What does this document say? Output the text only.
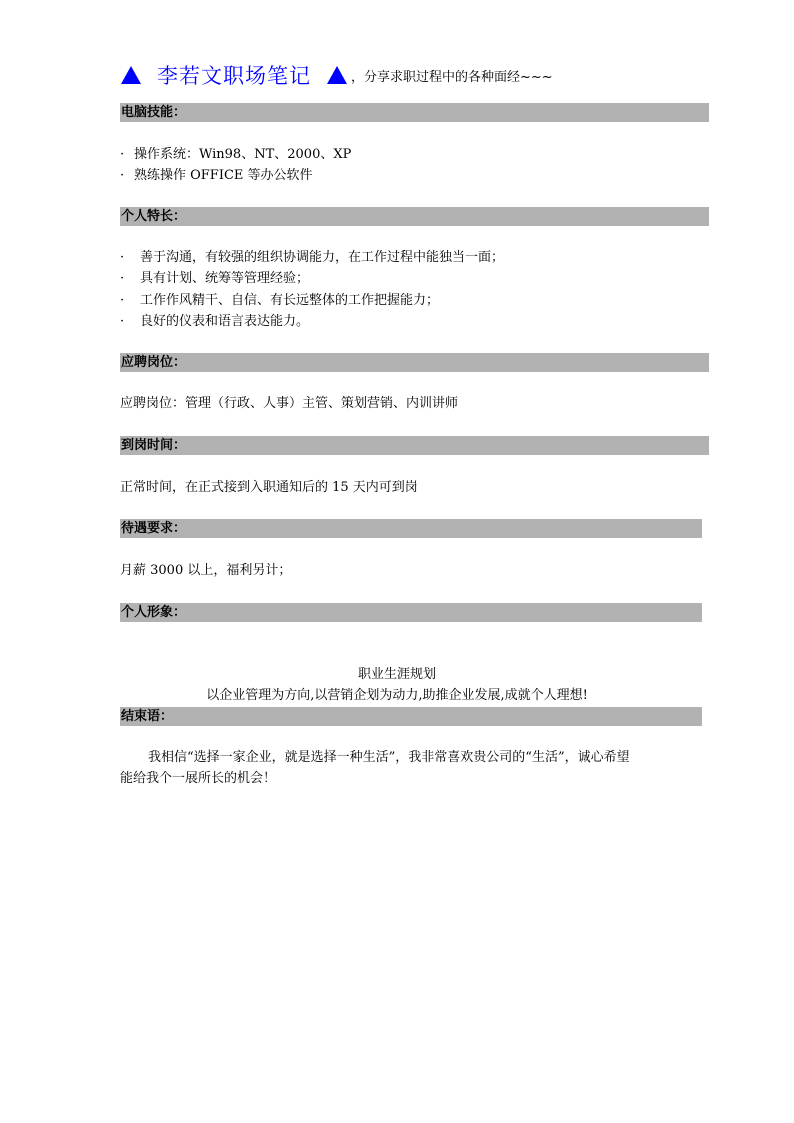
李若文职场笔记	，分享求职过程中的各种面经~~~
电脑技能：
· 操作系统：Win98、NT、2000、XP
· 熟练操作 OFFICE 等办公软件
个人特长：
· 善于沟通，有较强的组织协调能力，在工作过程中能独当一面；
· 具有计划、统筹等管理经验；
· 工作作风精干、自信、有长远整体的工作把握能力；
· 良好的仪表和语言表达能力。
应聘岗位：
应聘岗位：管理（行政、人事）主管、策划营销、内训讲师
到岗时间：
正常时间，在正式接到入职通知后的 15 天内可到岗
待遇要求：
月薪 3000 以上，福利另计；
个人形象：
职业生涯规划
以企业管理为方向,以营销企划为动力,助推企业发展,成就个人理想!
结束语：
我相信“选择一家企业，就是选择一种生活”，我非常喜欢贵公司的“生活”，诚心希望
能给我个一展所长的机会！
